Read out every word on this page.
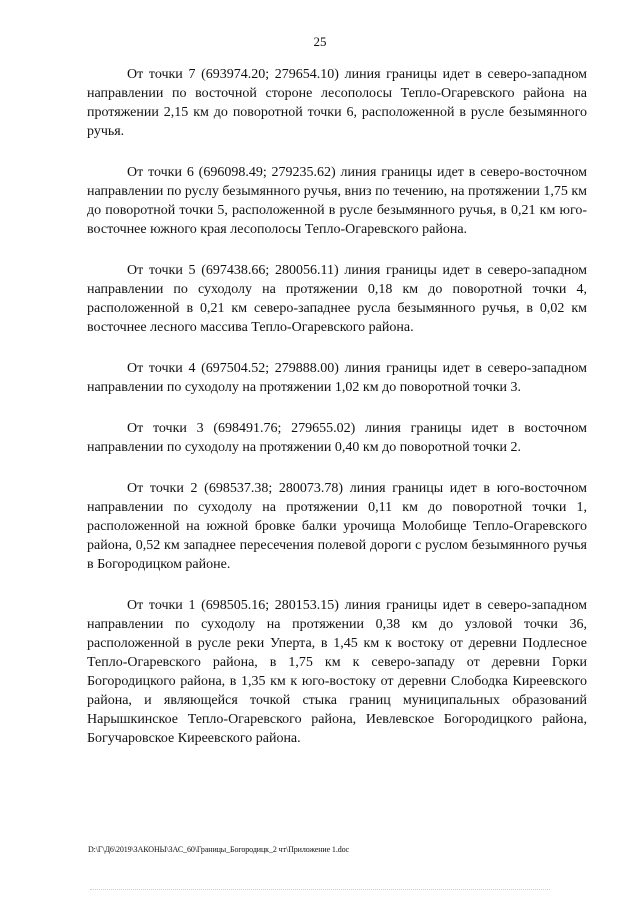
25

От точки 7 (693974.20; 279654.10) линия границы идет в северо-западном направлении по восточной стороне лесополосы Тепло-Огаревского района на протяжении 2,15 км до поворотной точки 6, расположенной в русле безымянного ручья.

От точки 6 (696098.49; 279235.62) линия границы идет в северо-восточном направлении по руслу безымянного ручья, вниз по течению, на протяжении 1,75 км до поворотной точки 5, расположенной в русле безымянного ручья, в 0,21 км юго-восточнее южного края лесополосы Тепло-Огаревского района.

От точки 5 (697438.66; 280056.11) линия границы идет в северо-западном направлении по суходолу на протяжении 0,18 км до поворотной точки 4, расположенной в 0,21 км северо-западнее русла безымянного ручья, в 0,02 км восточнее лесного массива Тепло-Огаревского района.

От точки 4 (697504.52; 279888.00) линия границы идет в северо-западном направлении по суходолу на протяжении 1,02 км до поворотной точки 3.

От точки 3 (698491.76; 279655.02) линия границы идет в восточном направлении по суходолу на протяжении 0,40 км до поворотной точки 2.

От точки 2 (698537.38; 280073.78) линия границы идет в юго-восточном направлении по суходолу на протяжении 0,11 км до поворотной точки 1, расположенной на южной бровке балки урочища Молобище Тепло-Огаревского района, 0,52 км западнее пересечения полевой дороги с руслом безымянного ручья в Богородицком районе.

От точки 1 (698505.16; 280153.15) линия границы идет в северо-западном направлении по суходолу на протяжении 0,38 км до узловой точки 36, расположенной в русле реки Уперта, в 1,45 км к востоку от деревни Подлесное Тепло-Огаревского района, в 1,75 км к северо-западу от деревни Горки Богородицкого района, в 1,35 км к юго-востоку от деревни Слободка Киреевского района, и являющейся точкой стыка границ муниципальных образований Нарышкинское Тепло-Огаревского района, Иевлевское Богородицкого района, Богучаровское Киреевского района.

D:\Г\Д6\2019\ЗАКОНЫ\ЗАС_60\Границы_Богородицк_2 чт\Приложение 1.doc
